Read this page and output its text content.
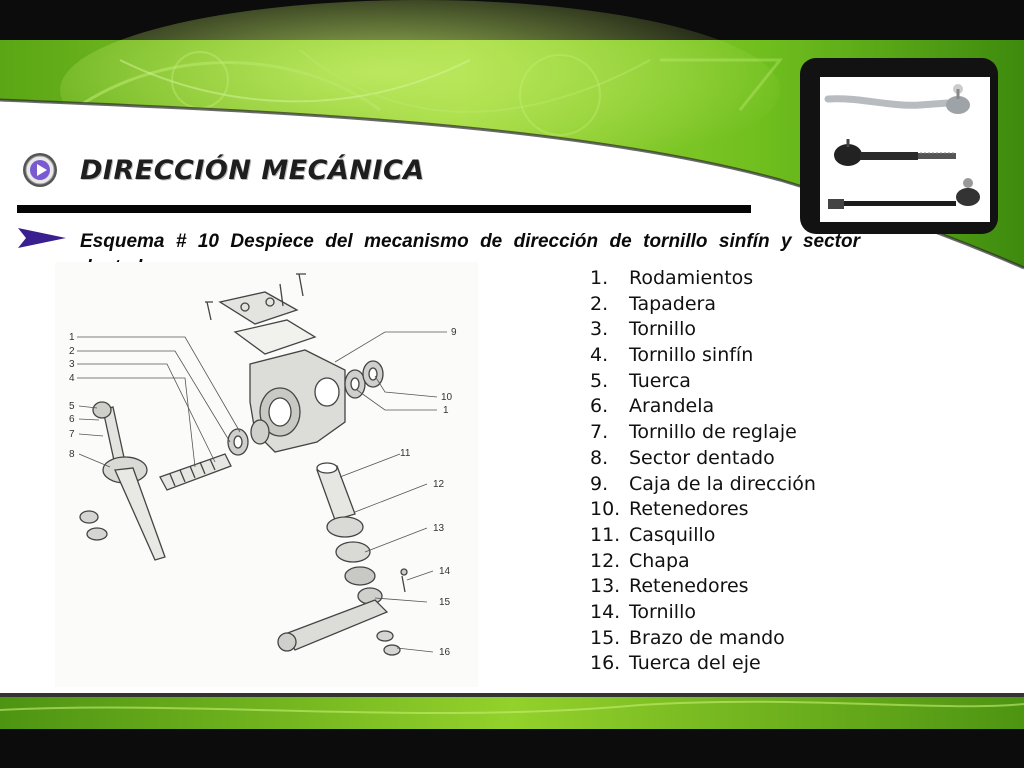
DIRECCIÓN MECÁNICA
Esquema # 10 Despiece del mecanismo de dirección de tornillo sinfín y sector
1
2
3
4
5
6
7
8
9
10
1
11
12
13
14
15
16
1.	Rodamientos
2.	Tapadera
3.	Tornillo
4.	Tornillo sinfín
5.	Tuerca
6.	Arandela
7.	Tornillo de reglaje
8.	Sector dentado
9.	Caja de la dirección
10. Retenedores
11. Casquillo
12. Chapa
13. Retenedores
14. Tornillo
15. Brazo de mando
16. Tuerca del eje
